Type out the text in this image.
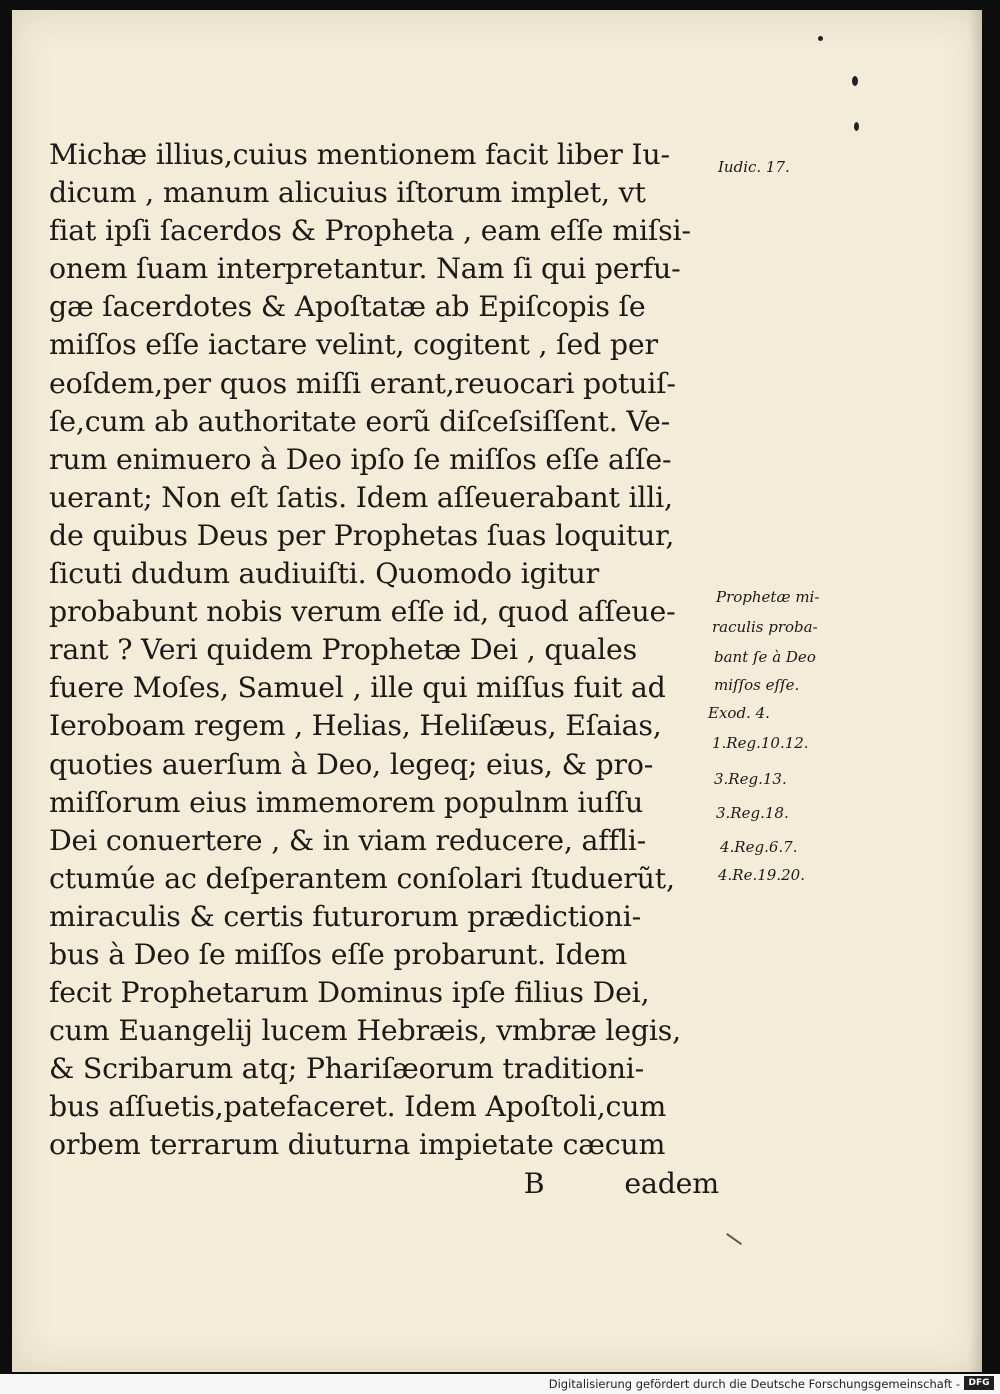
Michæ illius,cuius mentionem facit liber Iu-
dicum , manum alicuius iſtorum implet, vt
fiat ipſi ſacerdos & Propheta , eam eſſe miſsi-
onem ſuam interpretantur. Nam ſi qui perfu-
gæ ſacerdotes & Apoſtatæ ab Epiſcopis ſe
miſſos eſſe iactare velint, cogitent , ſed per
eoſdem,per quos miſſi erant,reuocari potuiſ-
ſe,cum ab authoritate eorũ diſceſsiſſent. Ve-
rum enimuero à Deo ipſo ſe miſſos eſſe aſſe-
uerant; Non eſt ſatis. Idem aſſeuerabant illi,
de quibus Deus per Prophetas ſuas loquitur,
ſicuti dudum audiuiſti. Quomodo igitur
probabunt nobis verum eſſe id, quod aſſeue-
rant ? Veri quidem Prophetæ Dei , quales
fuere Moſes, Samuel , ille qui miſſus fuit ad
Ieroboam regem , Helias, Heliſæus, Eſaias,
quoties auerſum à Deo, legeq; eius, & pro-
miſſorum eius immemorem populnm iuſſu
Dei conuertere , & in viam reducere, affli-
ctumúe ac deſperantem conſolari ſtuduerũt,
miraculis & certis futurorum prædictioni-
bus à Deo ſe miſſos eſſe probarunt. Idem
fecit Prophetarum Dominus ipſe filius Dei,
cum Euangelij lucem Hebræis, vmbræ legis,
& Scribarum atq; Phariſæorum traditioni-
bus aſſuetis,patefaceret. Idem Apoſtoli,cum
orbem terrarum diuturna impietate cæcum
B	eadem
Iudic. 17.
Prophetæ mi-
raculis proba-
bant ſe à Deo
miſſos eſſe.
Exod. 4.
1.Reg.10.12.
3.Reg.13.
3.Reg.18.
4.Reg.6.7.
4.Re.19.20.
Digitalisierung gefördert durch die Deutsche Forschungsgemeinschaft - DFG
